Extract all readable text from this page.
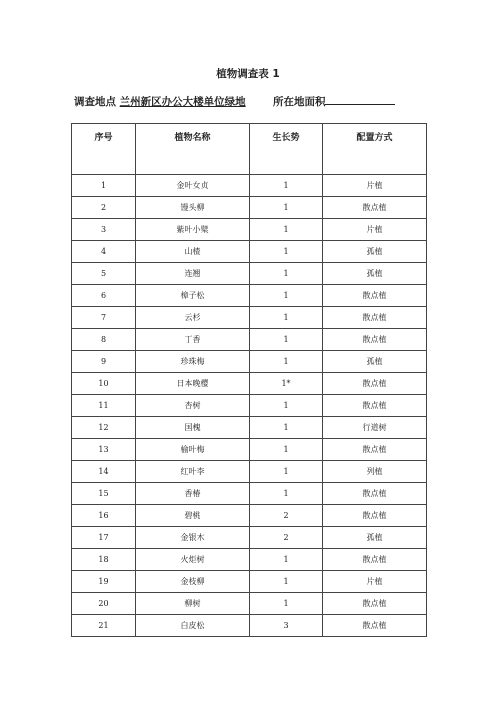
植物调查表 1
调查地点 兰州新区办公大楼单位绿地	所在地面积
序号	植物名称	生长势	配置方式
1	金叶女贞	1	片植
2	馒头柳	1	散点植
3	紫叶小檗	1	片植
4	山楂	1	孤植
5	连翘	1	孤植
6	樟子松	1	散点植
7	云杉	1	散点植
8	丁香	1	散点植
9	珍珠梅	1	孤植
10	日本晚樱	1*	散点植
11	杏树	1	散点植
12	国槐	1	行道树
13	榆叶梅	1	散点植
14	红叶李	1	列植
15	香椿	1	散点植
16	碧桃	2	散点植
17	金银木	2	孤植
18	火炬树	1	散点植
19	金枝柳	1	片植
20	柳树	1	散点植
21	白皮松	3	散点植
